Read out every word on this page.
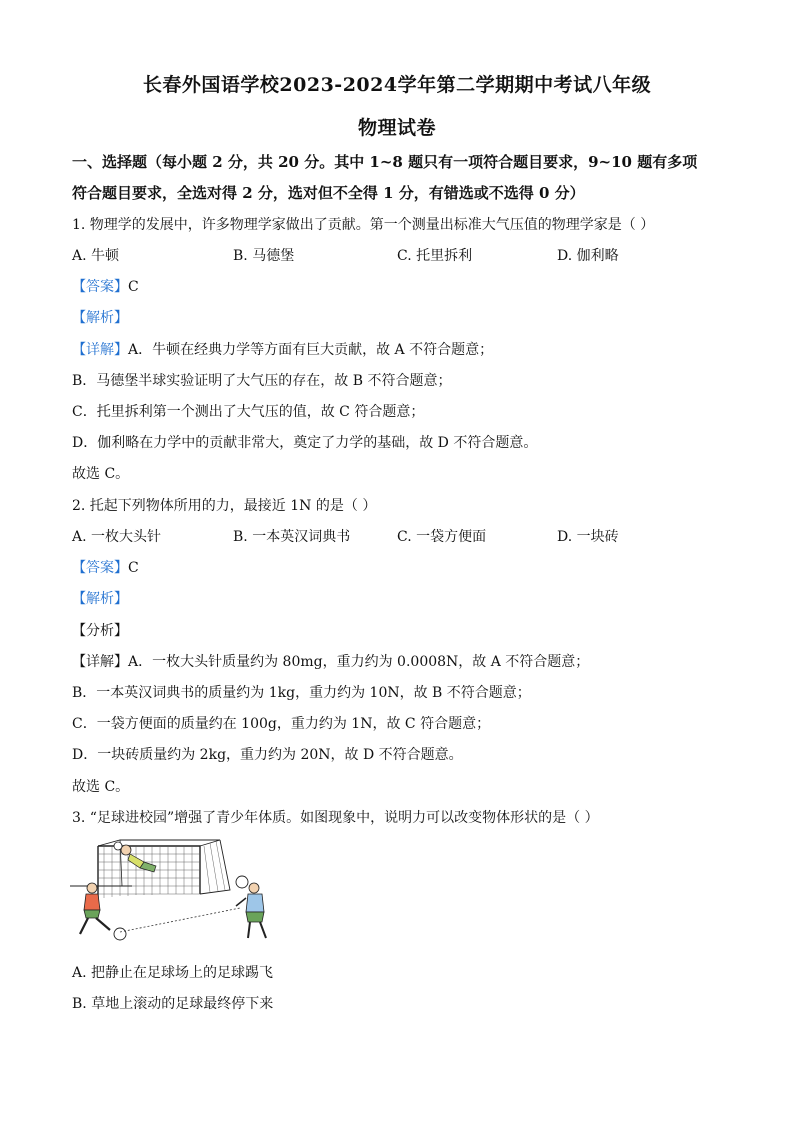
长春外国语学校2023-2024学年第二学期期中考试八年级
物理试卷
一、选择题（每小题 2 分，共 20 分。其中 1~8 题只有一项符合题目要求，9~10 题有多项
符合题目要求，全选对得 2 分，选对但不全得 1 分，有错选或不选得 0 分）
1. 物理学的发展中，许多物理学家做出了贡献。第一个测量出标准大气压值的物理学家是（ ）
A. 牛顿	B. 马德堡	C. 托里拆利	D. 伽利略
【答案】C
【解析】
【详解】A．牛顿在经典力学等方面有巨大贡献，故 A 不符合题意；
B．马德堡半球实验证明了大气压的存在，故 B 不符合题意；
C．托里拆利第一个测出了大气压的值，故 C 符合题意；
D．伽利略在力学中的贡献非常大，奠定了力学的基础，故 D 不符合题意。
故选 C。
2. 托起下列物体所用的力，最接近 1N 的是（ ）
A. 一枚大头针	B. 一本英汉词典书	C. 一袋方便面	D. 一块砖
【答案】C
【解析】
【分析】
【详解】A．一枚大头针质量约为 80mg，重力约为 0.0008N，故 A 不符合题意；
B．一本英汉词典书的质量约为 1kg，重力约为 10N，故 B 不符合题意；
C．一袋方便面的质量约在 100g，重力约为 1N，故 C 符合题意；
D．一块砖质量约为 2kg，重力约为 20N，故 D 不符合题意。
故选 C。
3. “足球进校园”增强了青少年体质。如图现象中，说明力可以改变物体形状的是（ ）
A. 把静止在足球场上的足球踢飞
B. 草地上滚动的足球最终停下来
